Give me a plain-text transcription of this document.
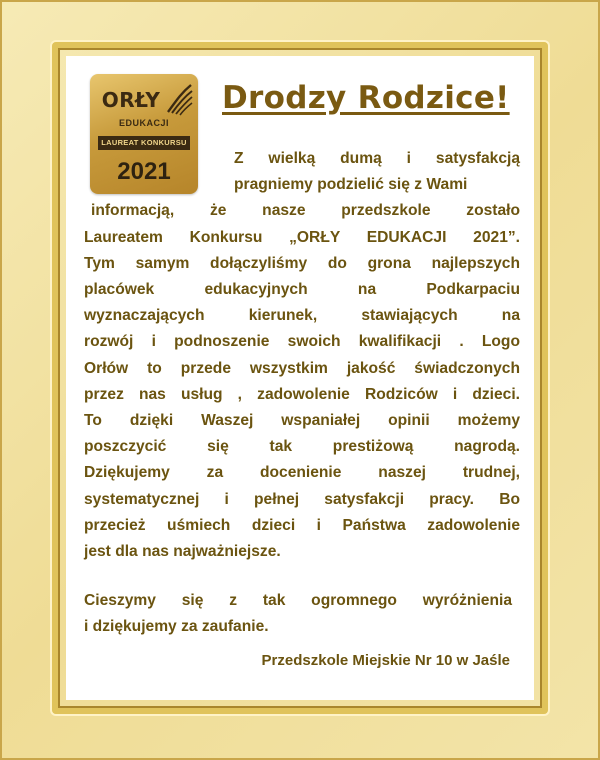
ORŁY
EDUKACJI
LAUREAT KONKURSU
2021
Drodzy Rodzice!
Z wielką dumą i satysfakcją
pragniemy podzielić się z Wami
informacją, że nasze przedszkole zostało
Laureatem Konkursu „ORŁY EDUKACJI 2021”.
Tym samym dołączyliśmy do grona najlepszych
placówek edukacyjnych na Podkarpaciu
wyznaczających kierunek, stawiających na
rozwój i podnoszenie swoich kwalifikacji . Logo
Orłów to przede wszystkim jakość świadczonych
przez nas usług , zadowolenie Rodziców i dzieci.
To dzięki Waszej wspaniałej opinii możemy
poszczycić się tak prestiżową nagrodą.
Dziękujemy za docenienie naszej trudnej,
systematycznej i pełnej satysfakcji pracy. Bo
przecież uśmiech dzieci i Państwa zadowolenie
jest dla nas najważniejsze.
Cieszymy się z tak ogromnego wyróżnienia
i dziękujemy za zaufanie.
Przedszkole Miejskie Nr 10 w Jaśle
